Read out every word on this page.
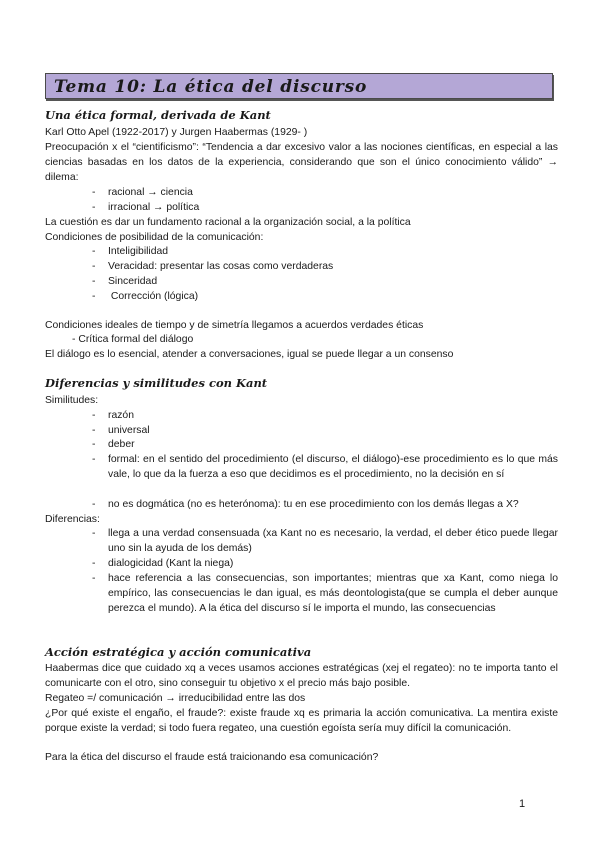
Tema 10: La ética del discurso
Una ética formal, derivada de Kant
Karl Otto Apel (1922-2017) y Jurgen Haabermas (1929- )
Preocupación x el “cientificismo”: “Tendencia a dar excesivo valor a las nociones científicas, en especial a las ciencias basadas en los datos de la experiencia, considerando que son el único conocimiento válido” → dilema:
- racional → ciencia
- irracional → política
La cuestión es dar un fundamento racional a la organización social, a la política
Condiciones de posibilidad de la comunicación:
- Inteligibilidad
- Veracidad: presentar las cosas como verdaderas
- Sinceridad
- Corrección (lógica)
Condiciones ideales de tiempo y de simetría llegamos a acuerdos verdades éticas
- Crítica formal del diálogo
El diálogo es lo esencial, atender a conversaciones, igual se puede llegar a un consenso
Diferencias y similitudes con Kant
Similitudes:
- razón
- universal
- deber
-	formal: en el sentido del procedimiento (el discurso, el diálogo)-ese procedimiento es lo que más vale, lo que da la fuerza a eso que decidimos es el procedimiento, no la decisión en sí
- no es dogmática (no es heterónoma): tu en ese procedimiento con los demás llegas a X?
Diferencias:
-	llega a una verdad consensuada (xa Kant no es necesario, la verdad, el deber ético puede llegar uno sin la ayuda de los demás)
- dialogicidad (Kant la niega)
-	hace referencia a las consecuencias, son importantes; mientras que xa Kant, como niega lo empírico, las consecuencias le dan igual, es más deontologista(que se cumpla el deber aunque perezca el mundo). A la ética del discurso sí le importa el mundo, las consecuencias
Acción estratégica y acción comunicativa
Haabermas dice que cuidado xq a veces usamos acciones estratégicas (xej el regateo): no te importa tanto el comunicarte con el otro, sino conseguir tu objetivo x el precio más bajo posible.
Regateo =/ comunicación → irreducibilidad entre las dos
¿Por qué existe el engaño, el fraude?: existe fraude xq es primaria la acción comunicativa. La mentira existe porque existe la verdad; si todo fuera regateo, una cuestión egoísta sería muy difícil la comunicación.
Para la ética del discurso el fraude está traicionando esa comunicación?
1
